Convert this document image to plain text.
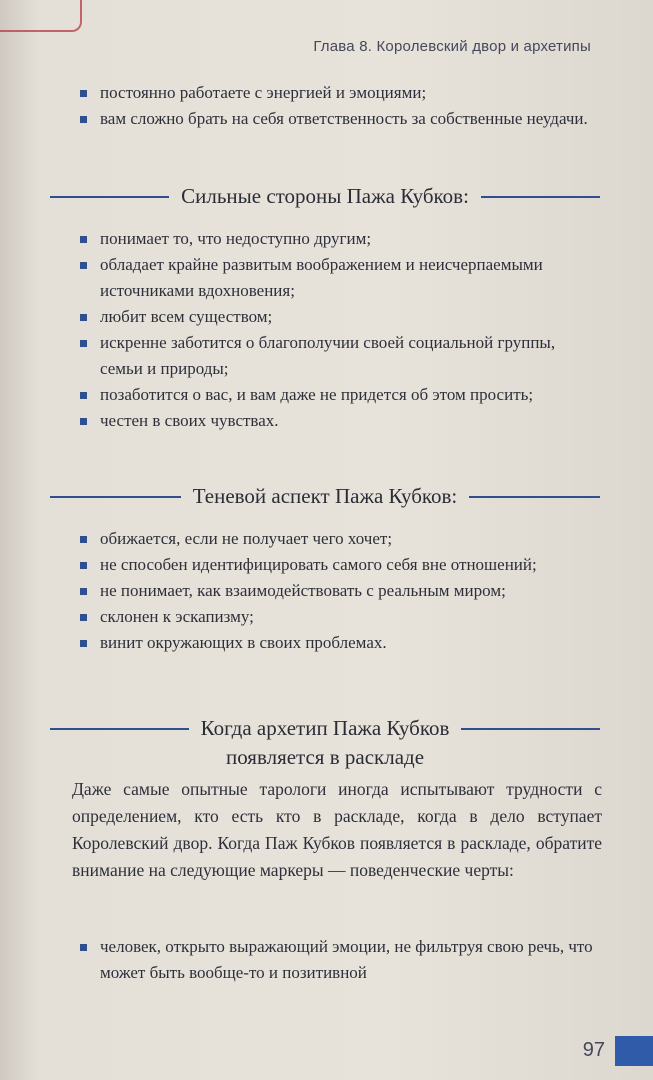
Глава 8. Королевский двор и архетипы
постоянно работаете с энергией и эмоциями;
вам сложно брать на себя ответственность за собственные неудачи.
Сильные стороны Пажа Кубков:
понимает то, что недоступно другим;
обладает крайне развитым воображением и неисчерпаемыми источниками вдохновения;
любит всем существом;
искренне заботится о благополучии своей социальной группы, семьи и природы;
позаботится о вас, и вам даже не придется об этом просить;
честен в своих чувствах.
Теневой аспект Пажа Кубков:
обижается, если не получает чего хочет;
не способен идентифицировать самого себя вне отношений;
не понимает, как взаимодействовать с реальным миром;
склонен к эскапизму;
винит окружающих в своих проблемах.
Когда архетип Пажа Кубков
появляется в раскладе

Даже самые опытные тарологи иногда испытывают трудности с определением, кто есть кто в раскладе, когда в дело вступает Королевский двор. Когда Паж Кубков появляется в раскладе, обратите внимание на следующие маркеры — поведенческие черты:

человек, открыто выражающий эмоции, не фильтруя свою речь, что может быть вообще-то и позитивной
97
